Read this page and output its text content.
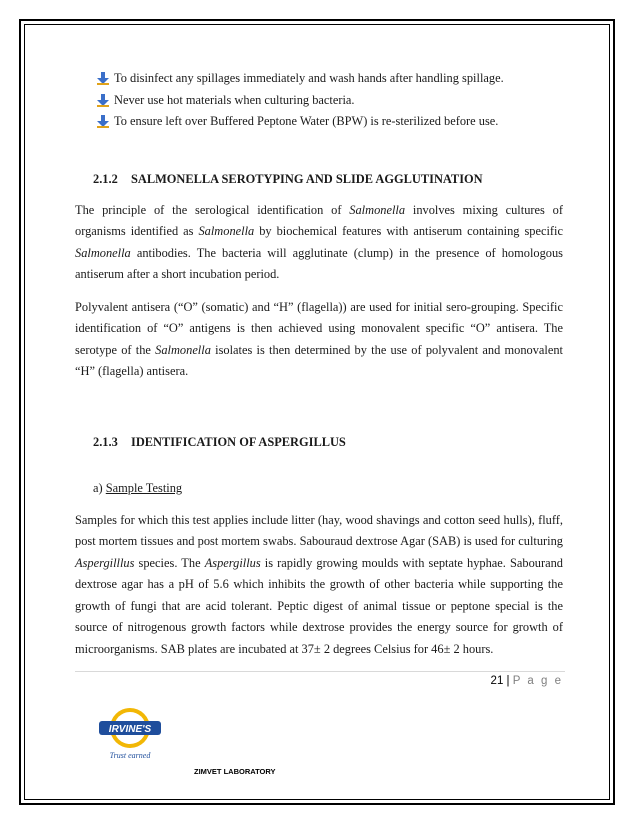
To disinfect any spillages immediately and wash hands after handling spillage.
Never use hot materials when culturing bacteria.
To ensure left over Buffered Peptone Water (BPW) is re-sterilized before use.
2.1.2 SALMONELLA SEROTYPING AND SLIDE AGGLUTINATION

The principle of the serological identification of Salmonella involves mixing cultures of organisms identified as Salmonella by biochemical features with antiserum containing specific Salmonella antibodies. The bacteria will agglutinate (clump) in the presence of homologous antiserum after a short incubation period.

Polyvalent antisera (“O” (somatic) and “H” (flagella)) are used for initial sero-grouping. Specific identification of “O” antigens is then achieved using monovalent specific “O” antisera. The serotype of the Salmonella isolates is then determined by the use of polyvalent and monovalent “H” (flagella) antisera.

2.1.3 IDENTIFICATION OF ASPERGILLUS
a) Sample Testing

Samples for which this test applies include litter (hay, wood shavings and cotton seed hulls), fluff, post mortem tissues and post mortem swabs. Sabouraud dextrose Agar (SAB) is used for culturing Aspergilllus species. The Aspergillus is rapidly growing moulds with septate hyphae. Sabourand dextrose agar has a pH of 5.6 which inhibits the growth of other bacteria while supporting the growth of fungi that are acid tolerant. Peptic digest of animal tissue or peptone special is the source of nitrogenous growth factors while dextrose provides the energy source for growth of microorganisms. SAB plates are incubated at 37± 2 degrees Celsius for 46± 2 hours.

21 | P a g e
IRVINE'S
Trust earned
ZIMVET LABORATORY
